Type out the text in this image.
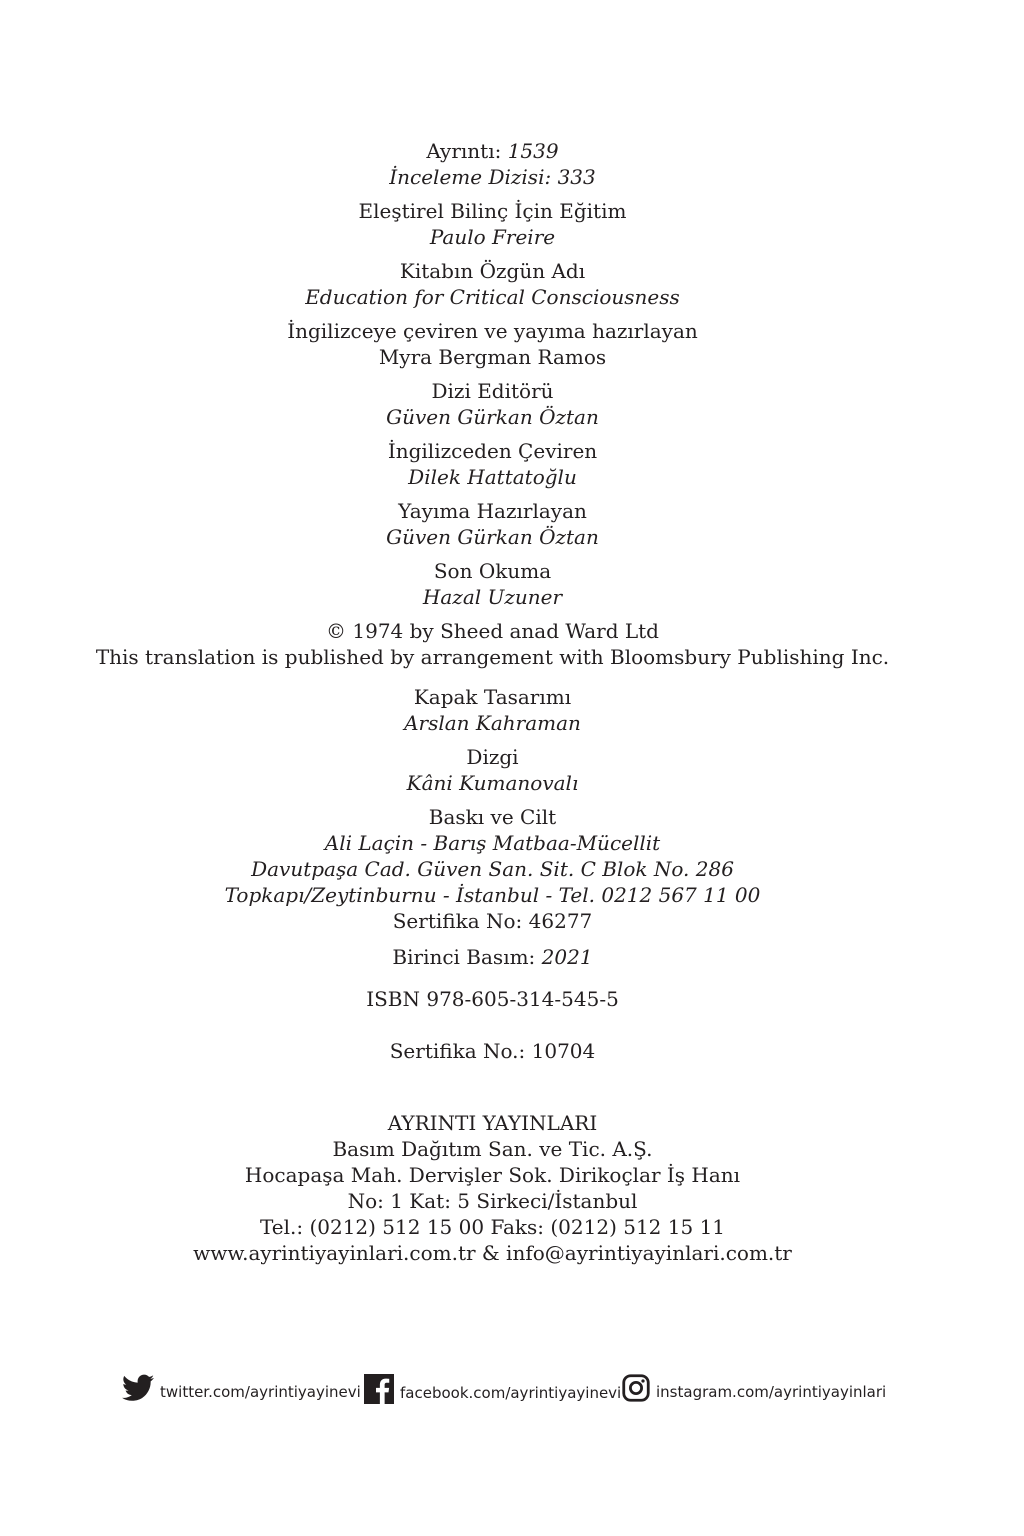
Ayrıntı: 1539
İnceleme Dizisi: 333
Eleştirel Bilinç İçin Eğitim
Paulo Freire
Kitabın Özgün Adı
Education for Critical Consciousness
İngilizceye çeviren ve yayıma hazırlayan
Myra Bergman Ramos
Dizi Editörü
Güven Gürkan Öztan
İngilizceden Çeviren
Dilek Hattatoğlu
Yayıma Hazırlayan
Güven Gürkan Öztan
Son Okuma
Hazal Uzuner
© 1974 by Sheed anad Ward Ltd
This translation is published by arrangement with Bloomsbury Publishing Inc.
Kapak Tasarımı
Arslan Kahraman
Dizgi
Kâni Kumanovalı
Baskı ve Cilt
Ali Laçin - Barış Matbaa-Mücellit
Davutpaşa Cad. Güven San. Sit. C Blok No. 286
Topkapı/Zeytinburnu - İstanbul - Tel. 0212 567 11 00
Sertifika No: 46277
Birinci Basım: 2021
ISBN 978-605-314-545-5
Sertifika No.: 10704
AYRINTI YAYINLARI
Basım Dağıtım San. ve Tic. A.Ş.
Hocapaşa Mah. Dervişler Sok. Dirikoçlar İş Hanı
No: 1 Kat: 5 Sirkeci/İstanbul
Tel.: (0212) 512 15 00 Faks: (0212) 512 15 11
www.ayrintiyayinlari.com.tr & info@ayrintiyayinlari.com.tr
twitter.com/ayrintiyayinevi	facebook.com/ayrintiyayinevi instagram.com/ayrintiyayinlari
